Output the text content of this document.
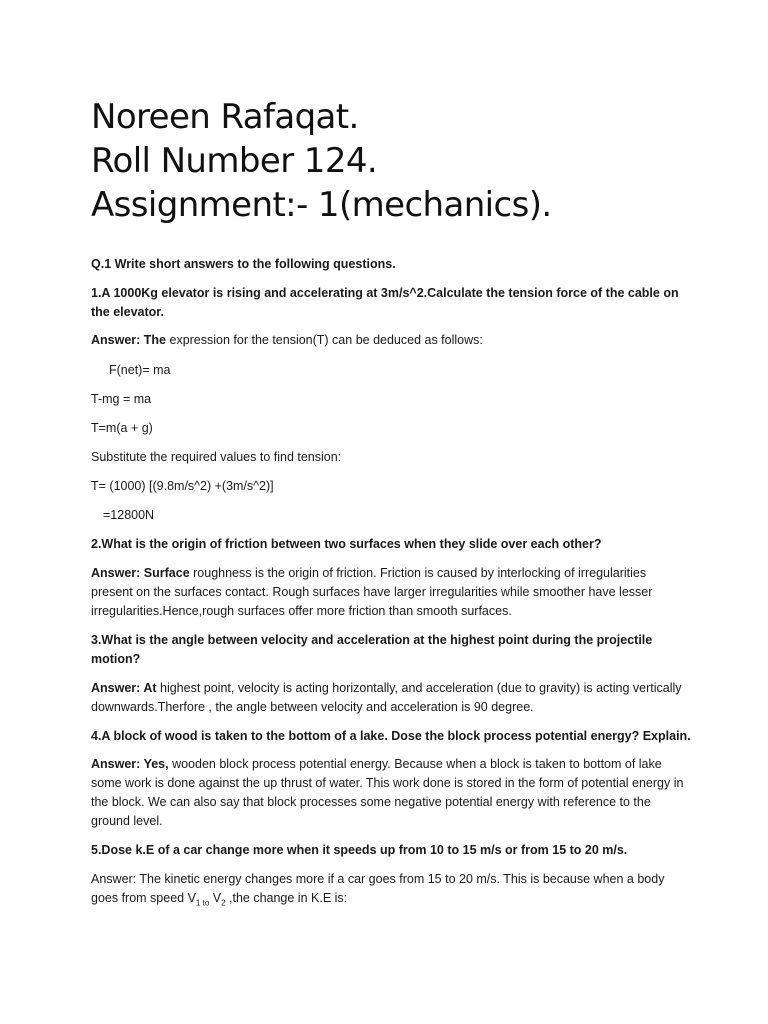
Noreen Rafaqat.
Roll Number 124.
Assignment:- 1(mechanics).
Q.1 Write short answers to the following questions.
1.A 1000Kg elevator is rising and accelerating at 3m/s^2.Calculate the tension force of the cable on the elevator.
Answer: The expression for the tension(T) can be deduced as follows:
F(net)= ma
T-mg = ma
T=m(a + g)
Substitute the required values to find tension:
T= (1000) [(9.8m/s^2) +(3m/s^2)]
=12800N
2.What is the origin of friction between two surfaces when they slide over each other?
Answer: Surface roughness is the origin of friction. Friction is caused by interlocking of irregularities present on the surfaces contact. Rough surfaces have larger irregularities while smoother have lesser irregularities.Hence,rough surfaces offer more friction than smooth surfaces.
3.What is the angle between velocity and acceleration at the highest point during the projectile motion?
Answer: At highest point, velocity is acting horizontally, and acceleration (due to gravity) is acting vertically downwards.Therfore , the angle between velocity and acceleration is 90 degree.
4.A block of wood is taken to the bottom of a lake. Dose the block process potential energy? Explain.
Answer: Yes, wooden block process potential energy. Because when a block is taken to bottom of lake some work is done against the up thrust of water. This work done is stored in the form of potential energy in the block. We can also say that block processes some negative potential energy with reference to the ground level.
5.Dose k.E of a car change more when it speeds up from 10 to 15 m/s or from 15 to 20 m/s.
Answer: The kinetic energy changes more if a car goes from 15 to 20 m/s. This is because when a body goes from speed $V_{1 to}$ $V_2$ ,the change in K.E is:
